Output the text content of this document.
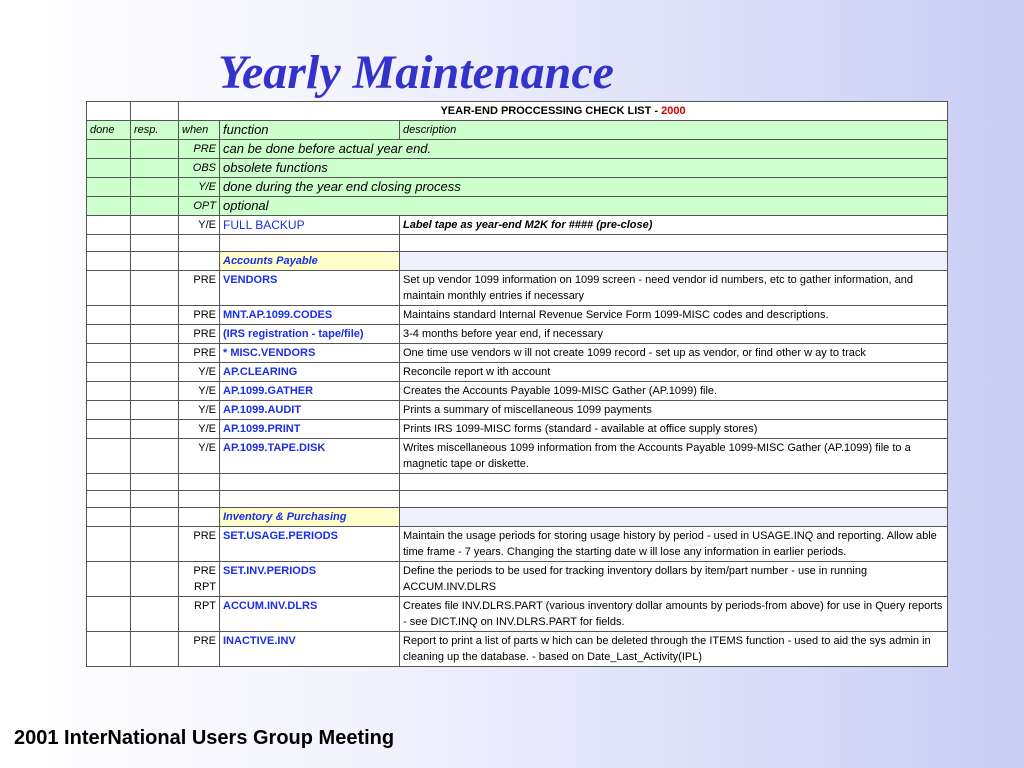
Yearly Maintenance
		YEAR-END PROCCESSING CHECK LIST - 2000		
done	resp.	when	function	description
		PRE	can be done before actual year end.	
		OBS	obsolete functions	
		Y/E	done during the year end closing process	
		OPT	optional	
		Y/E	FULL BACKUP	Label tape as year-end M2K for #### (pre-close)

			Accounts Payable	
		PRE	VENDORS	Set up vendor 1099 information on 1099 screen - need vendor id numbers, etc to gather information, and maintain monthly entries if necessary
		PRE	MNT.AP.1099.CODES	Maintains standard Internal Revenue Service Form 1099-MISC codes and descriptions.
		PRE	(IRS registration - tape/file)	3-4 months before year end, if necessary
		PRE	* MISC.VENDORS	One time use vendors w ill not create 1099 record - set up as vendor, or find other w ay to track
		Y/E	AP.CLEARING	Reconcile report w ith account
		Y/E	AP.1099.GATHER	Creates the Accounts Payable 1099-MISC Gather (AP.1099) file.
		Y/E	AP.1099.AUDIT	Prints a summary of miscellaneous 1099 payments
		Y/E	AP.1099.PRINT	Prints IRS 1099-MISC forms (standard - available at office supply stores)
		Y/E	AP.1099.TAPE.DISK	Writes miscellaneous 1099 information from the Accounts Payable 1099-MISC Gather (AP.1099) file to a magnetic tape or diskette.

			Inventory & Purchasing	
		PRE	SET.USAGE.PERIODS	Maintain the usage periods for storing usage history by period - used in USAGE.INQ and reporting. Allow able time frame - 7 years. Changing the starting date w ill lose any information in earlier periods.
		PRE RPT	SET.INV.PERIODS	Define the periods to be used for tracking inventory dollars by item/part number - use in running ACCUM.INV.DLRS
		RPT	ACCUM.INV.DLRS	Creates file INV.DLRS.PART (various inventory dollar amounts by periods-from above) for use in Query reports - see DICT.INQ on INV.DLRS.PART for fields.
		PRE	INACTIVE.INV	Report to print a list of parts w hich can be deleted through the ITEMS function - used to aid the sys admin in cleaning up the database. - based on Date_Last_Activity(IPL)
2001 InterNational Users Group Meeting
